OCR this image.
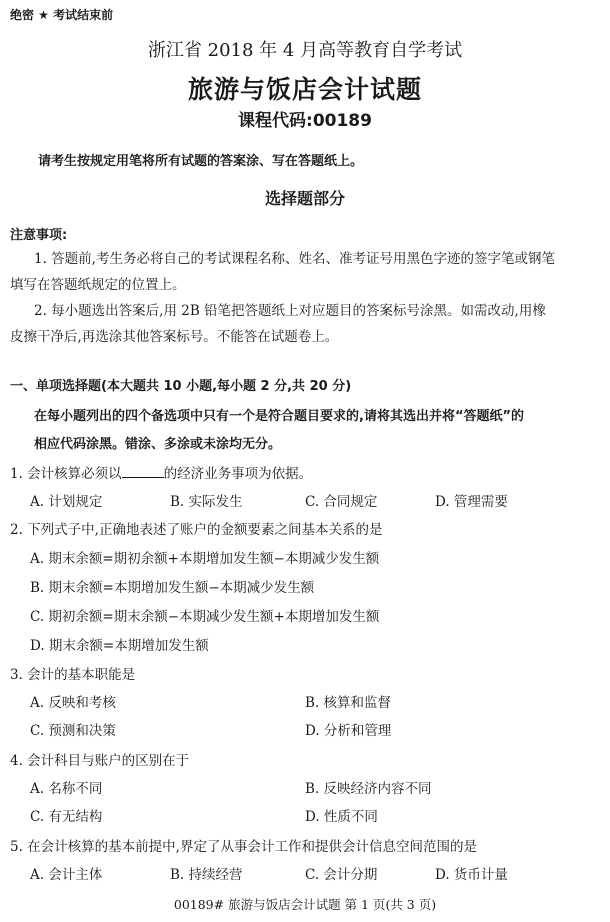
绝密 ★ 考试结束前
浙江省 2018 年 4 月高等教育自学考试
旅游与饭店会计试题
课程代码:00189
请考生按规定用笔将所有试题的答案涂、写在答题纸上。
选择题部分
注意事项:
1. 答题前,考生务必将自己的考试课程名称、姓名、准考证号用黑色字迹的签字笔或钢笔
填写在答题纸规定的位置上。
2. 每小题选出答案后,用 2B 铅笔把答题纸上对应题目的答案标号涂黑。如需改动,用橡
皮擦干净后,再选涂其他答案标号。不能答在试题卷上。
一、单项选择题(本大题共 10 小题,每小题 2 分,共 20 分)
在每小题列出的四个备选项中只有一个是符合题目要求的,请将其选出并将“答题纸”的
相应代码涂黑。错涂、多涂或未涂均无分。
1. 会计核算必须以	的经济业务事项为依据。
A. 计划规定	B. 实际发生	C. 合同规定	D. 管理需要
2. 下列式子中,正确地表述了账户的金额要素之间基本关系的是
A. 期末余额=期初余额+本期增加发生额−本期减少发生额
B. 期末余额=本期增加发生额−本期减少发生额
C. 期初余额=期末余额−本期减少发生额+本期增加发生额
D. 期末余额=本期增加发生额
3. 会计的基本职能是
A. 反映和考核	B. 核算和监督
C. 预测和决策	D. 分析和管理
4. 会计科目与账户的区别在于
A. 名称不同	B. 反映经济内容不同
C. 有无结构	D. 性质不同
5. 在会计核算的基本前提中,界定了从事会计工作和提供会计信息空间范围的是
A. 会计主体	B. 持续经营	C. 会计分期	D. 货币计量
00189# 旅游与饭店会计试题 第 1 页(共 3 页)
